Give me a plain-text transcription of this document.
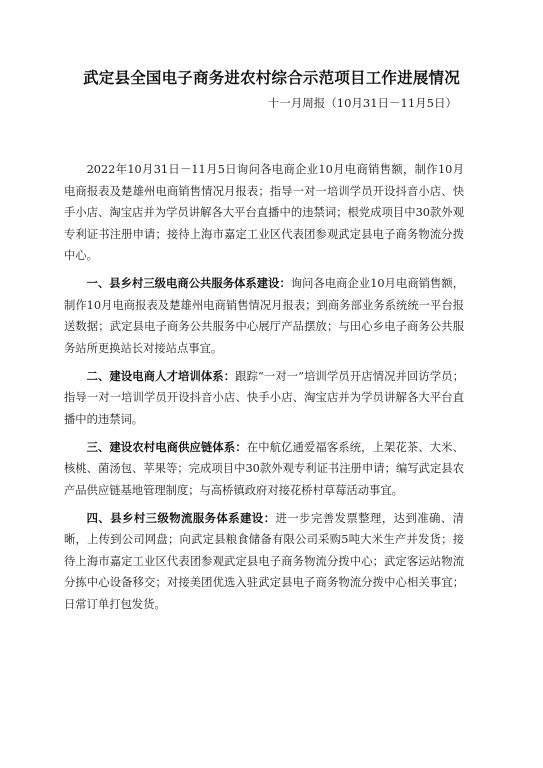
武定县全国电子商务进农村综合示范项目工作进展情况
十一月周报（10月31日－11月5日）

2022年10月31日－11月5日询问各电商企业10月电商销售额，制作10月电商报表及楚雄州电商销售情况月报表；指导一对一培训学员开设抖音小店、快手小店、淘宝店并为学员讲解各大平台直播中的违禁词；根党成项目中30款外观专利证书注册申请；接待上海市嘉定工业区代表团参观武定县电子商务物流分拨中心。

一、县乡村三级电商公共服务体系建设：询问各电商企业10月电商销售额，制作10月电商报表及楚雄州电商销售情况月报表；到商务部业务系统统一平台报送数据；武定县电子商务公共服务中心展厅产品摆放；与田心乡电子商务公共服务站所更换站长对接站点事宜。

二、建设电商人才培训体系：跟踪“一对一”培训学员开店情况并回访学员；指导一对一培训学员开设抖音小店、快手小店、淘宝店并为学员讲解各大平台直播中的违禁词。

三、建设农村电商供应链体系：在中航亿通爱福客系统，上架花茶、大米、核桃、菌汤包、苹果等；完成项目中30款外观专利证书注册申请；编写武定县农产品供应链基地管理制度；与高桥镇政府对接花桥村草莓活动事宜。

四、县乡村三级物流服务体系建设：进一步完善发票整理，达到准确、清晰，上传到公司网盘；向武定县粮食储备有限公司采购5吨大米生产并发货；接待上海市嘉定工业区代表团参观武定县电子商务物流分拨中心；武定客运站物流分拣中心设备移交；对接美团优选入驻武定县电子商务物流分拨中心相关事宜；日常订单打包发货。
